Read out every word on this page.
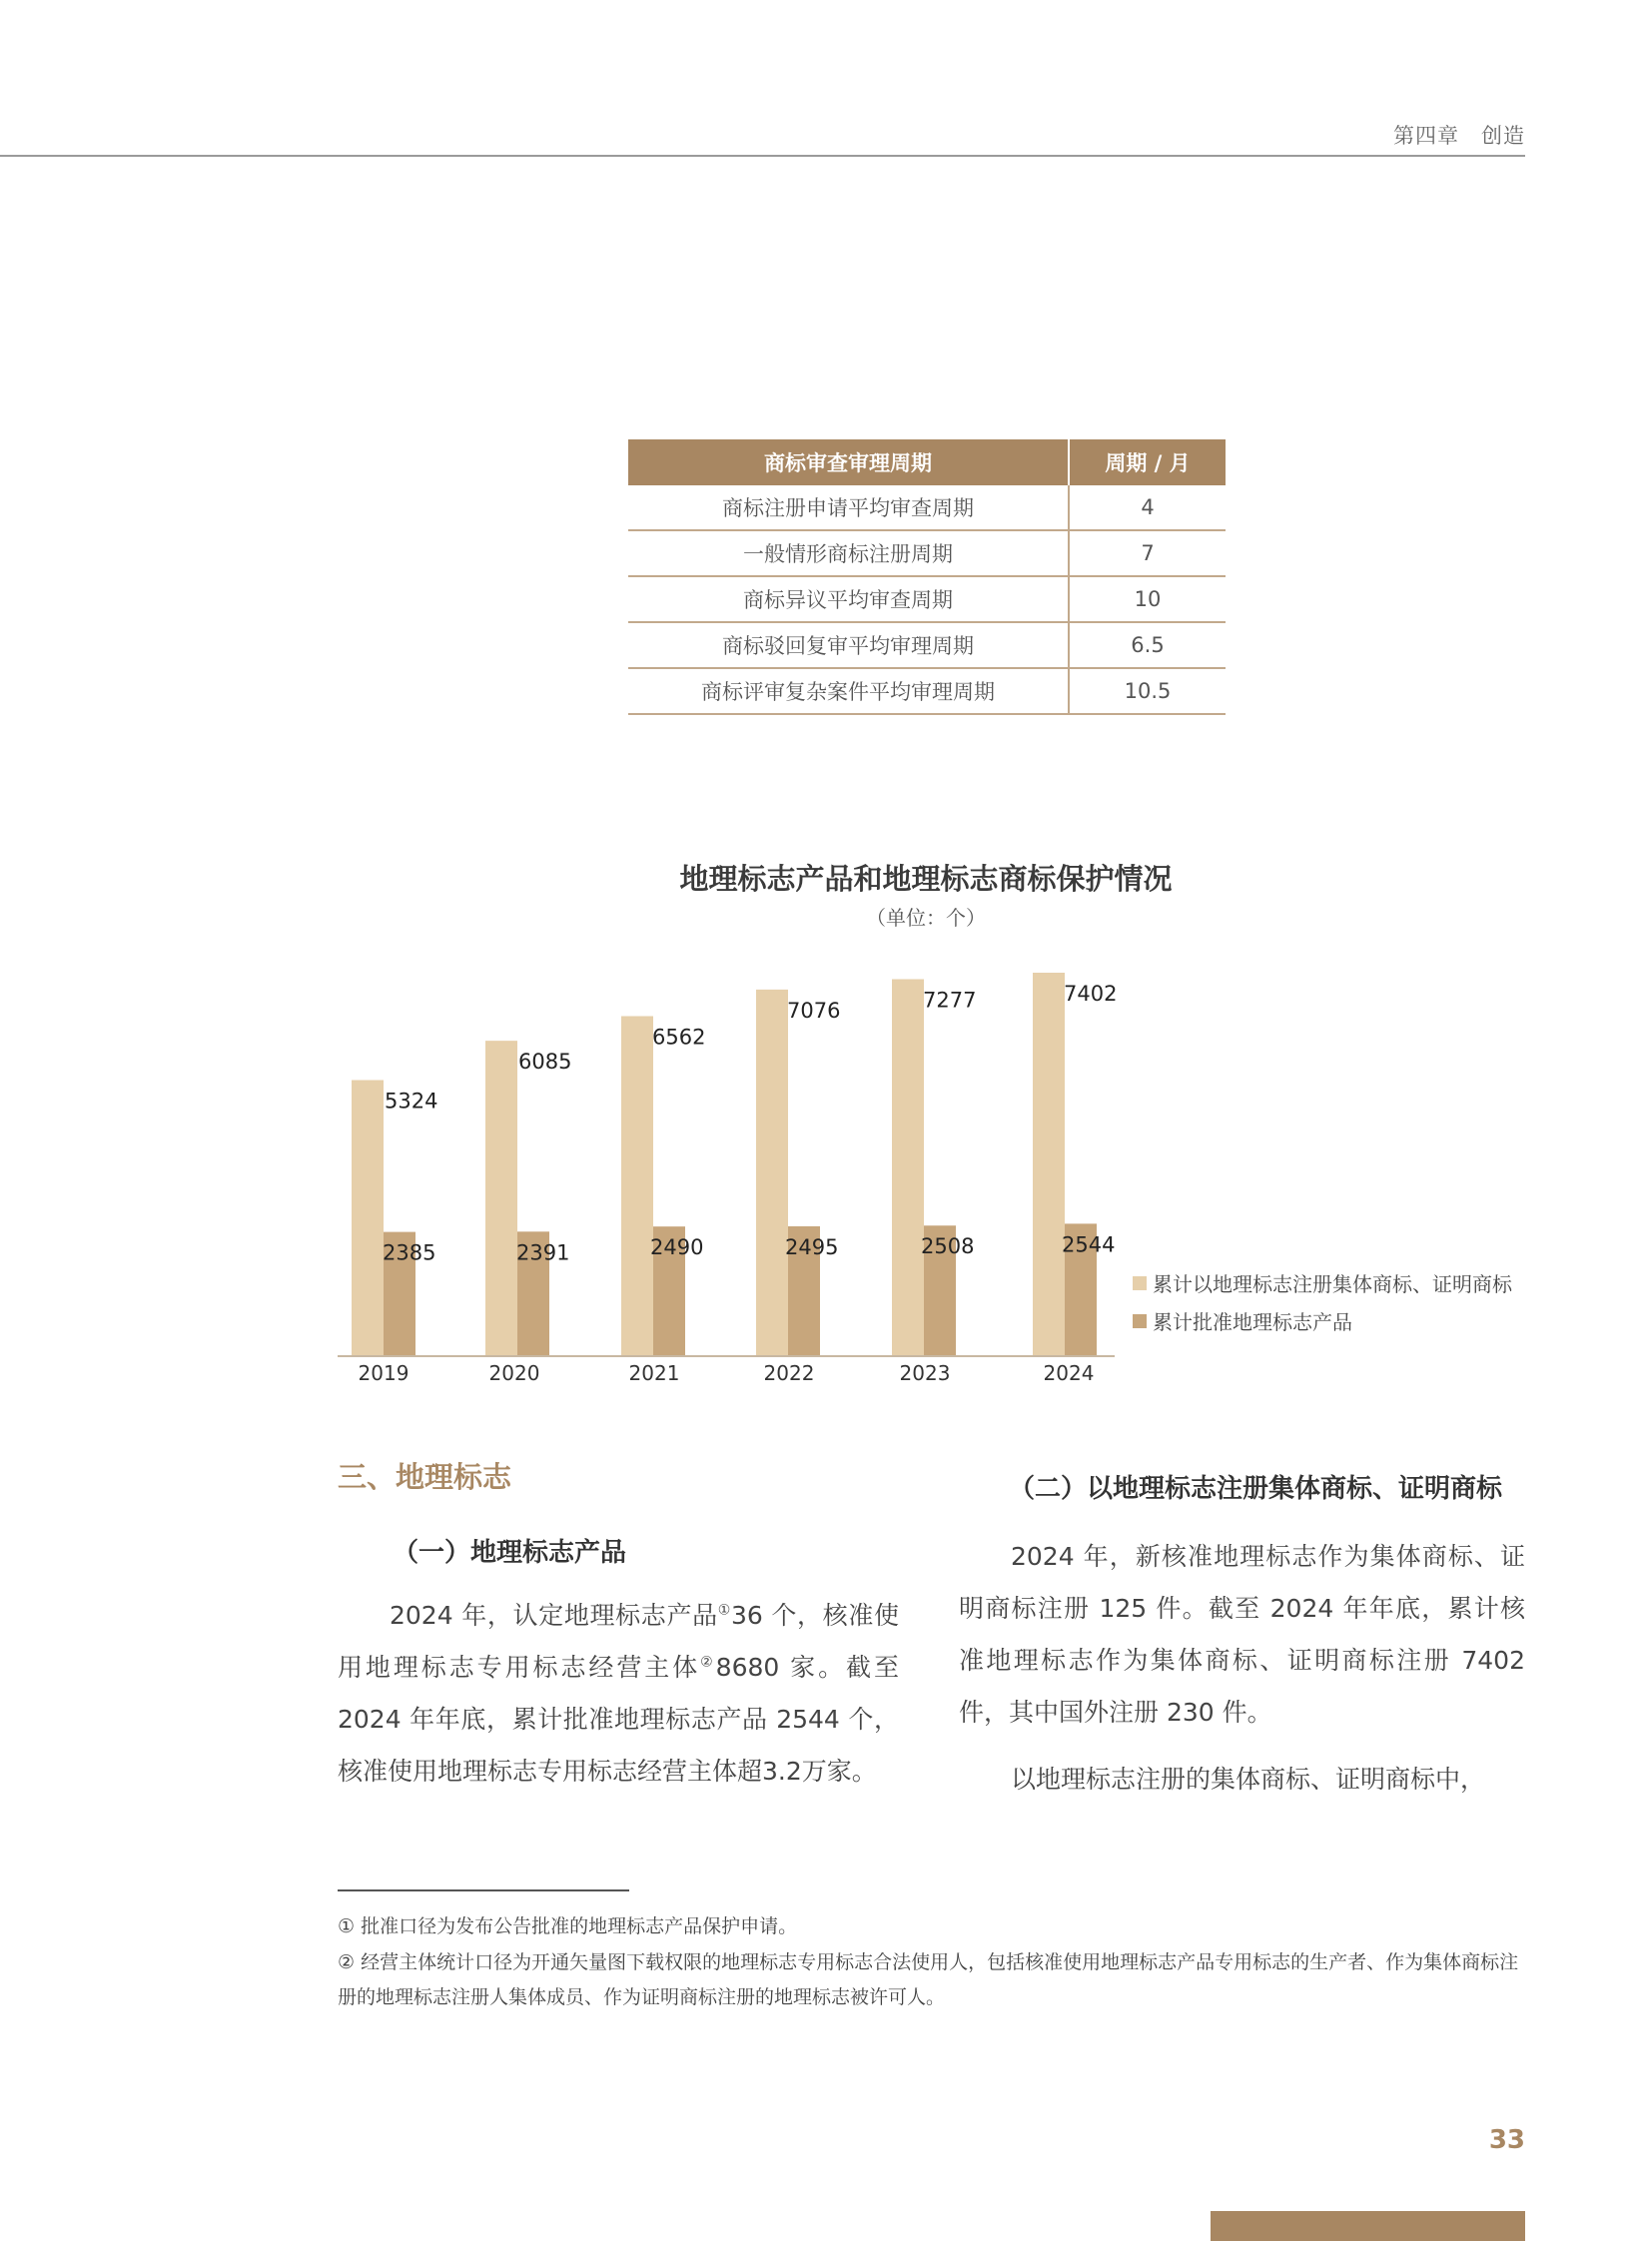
第四章　创造
商标审查审理周期	周期 / 月
商标注册申请平均审查周期	4
一般情形商标注册周期	7
商标异议平均审查周期	10
商标驳回复审平均审理周期	6.5
商标评审复杂案件平均审理周期	10.5
地理标志产品和地理标志商标保护情况
（单位：个）
5324
2385
2019
6085
2391
2020
6562
2490
2021
7076
2495
2022
7277
2508
2023
7402
2544
2024
累计以地理标志注册集体商标、证明商标
累计批准地理标志产品
三、地理标志
（一）地理标志产品
2024 年，认定地理标志产品①36 个，核准使用地理标志专用标志经营主体②8680 家。截至 2024 年年底，累计批准地理标志产品 2544 个，核准使用地理标志专用标志经营主体超3.2万家。
（二）以地理标志注册集体商标、证明商标
2024 年，新核准地理标志作为集体商标、证明商标注册 125 件。截至 2024 年年底，累计核准地理标志作为集体商标、证明商标注册 7402 件，其中国外注册 230 件。
以地理标志注册的集体商标、证明商标中，
① 批准口径为发布公告批准的地理标志产品保护申请。
② 经营主体统计口径为开通矢量图下载权限的地理标志专用标志合法使用人，包括核准使用地理标志产品专用标志的生产者、作为集体商标注册的地理标志注册人集体成员、作为证明商标注册的地理标志被许可人。
33
